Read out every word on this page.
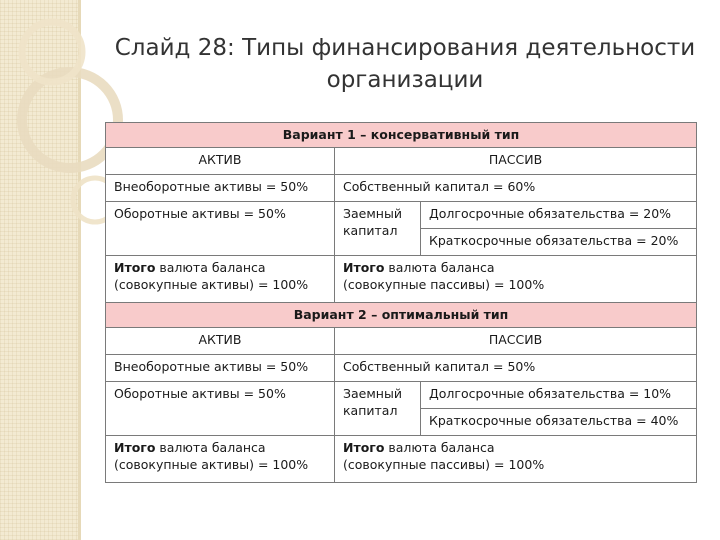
Слайд 28: Типы финансирования деятельности
организации
Вариант 1 – консервативный тип		
АКТИВ	ПАССИВ	
Внеоборотные активы = 50%	Собственный капитал = 60%	
Оборотные активы = 50%	Заемный капитал	Долгосрочные обязательства = 20%
		Краткосрочные обязательства = 20%
Итого валюта баланса
(совокупные активы) = 100%	Итого валюта баланса
(совокупные пассивы) = 100%	
Вариант 2 – оптимальный тип		
АКТИВ	ПАССИВ	
Внеоборотные активы = 50%	Собственный капитал = 50%	
Оборотные активы = 50%	Заемный капитал	Долгосрочные обязательства = 10%
		Краткосрочные обязательства = 40%
Итого валюта баланса
(совокупные активы) = 100%	Итого валюта баланса
(совокупные пассивы) = 100%	
